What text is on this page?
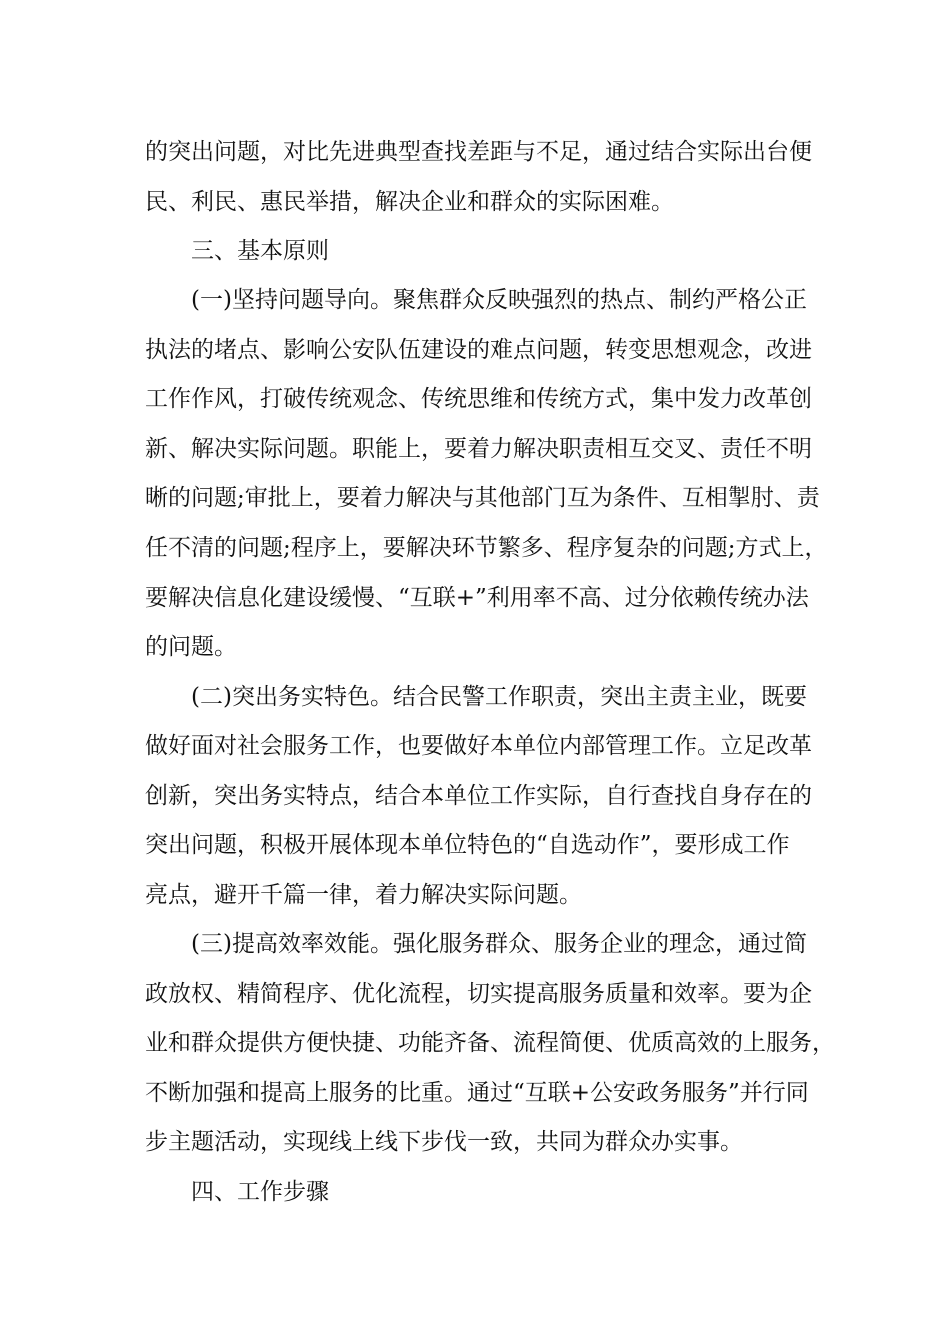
的突出问题，对比先进典型查找差距与不足，通过结合实际出台便
民、利民、惠民举措，解决企业和群众的实际困难。
三、基本原则
(一)坚持问题导向。聚焦群众反映强烈的热点、制约严格公正
执法的堵点、影响公安队伍建设的难点问题，转变思想观念，改进
工作作风，打破传统观念、传统思维和传统方式，集中发力改革创
新、解决实际问题。职能上，要着力解决职责相互交叉、责任不明
晰的问题;审批上，要着力解决与其他部门互为条件、互相掣肘、责
任不清的问题;程序上，要解决环节繁多、程序复杂的问题;方式上，
要解决信息化建设缓慢、“互联+”利用率不高、过分依赖传统办法
的问题。
(二)突出务实特色。结合民警工作职责，突出主责主业，既要
做好面对社会服务工作，也要做好本单位内部管理工作。立足改革
创新，突出务实特点，结合本单位工作实际，自行查找自身存在的
突出问题，积极开展体现本单位特色的“自选动作”，要形成工作
亮点，避开千篇一律，着力解决实际问题。
(三)提高效率效能。强化服务群众、服务企业的理念，通过简
政放权、精简程序、优化流程，切实提高服务质量和效率。要为企
业和群众提供方便快捷、功能齐备、流程简便、优质高效的上服务，
不断加强和提高上服务的比重。通过“互联+公安政务服务”并行同
步主题活动，实现线上线下步伐一致，共同为群众办实事。
四、工作步骤
